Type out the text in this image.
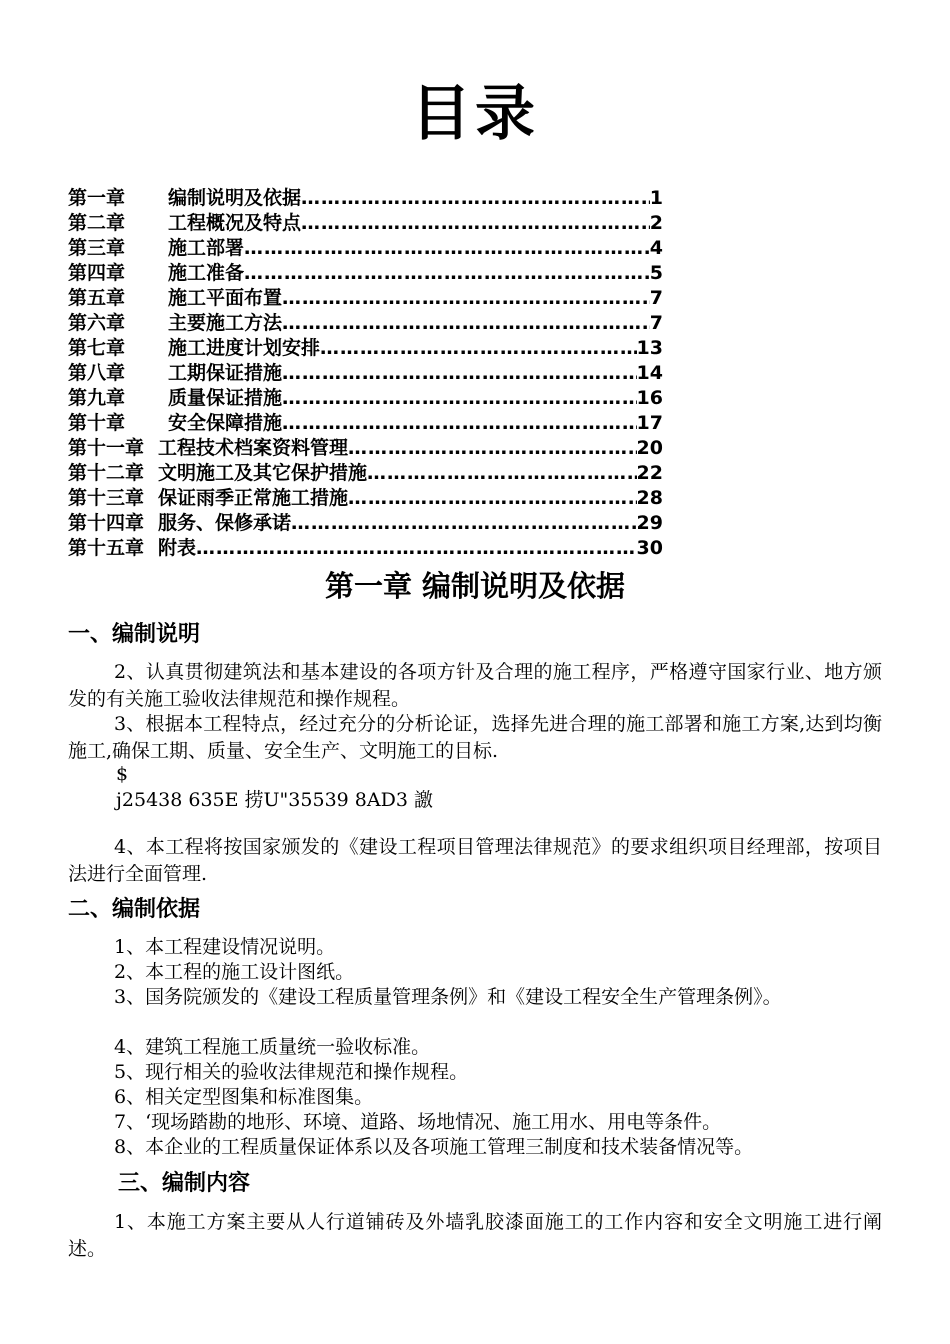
目录
第一章	编制说明及依据 ……………………………………………………………………………………………………………………………………………………………………………	1
第二章	工程概况及特点 ……………………………………………………………………………………………………………………………………………………………………………	2
第三章	施工部署 ……………………………………………………………………………………………………………………………………………………………………………	4
第四章	施工准备 ……………………………………………………………………………………………………………………………………………………………………………	5
第五章	施工平面布置 ……………………………………………………………………………………………………………………………………………………………………………	7
第六章	主要施工方法 ……………………………………………………………………………………………………………………………………………………………………………	7
第七章	施工进度计划安排 ……………………………………………………………………………………………………………………………………………………………………………	13
第八章	工期保证措施 ……………………………………………………………………………………………………………………………………………………………………………	14
第九章	质量保证措施 ……………………………………………………………………………………………………………………………………………………………………………	16
第十章	安全保障措施 ……………………………………………………………………………………………………………………………………………………………………………	17
第十一章 工程技术档案资料管理 ……………………………………………………………………………………………………………………………………………………………………………	20
第十二章 文明施工及其它保护措施 ……………………………………………………………………………………………………………………………………………………………………………	22
第十三章 保证雨季正常施工措施 ……………………………………………………………………………………………………………………………………………………………………………	28
第十四章 服务、保修承诺 ……………………………………………………………………………………………………………………………………………………………………………	29
第十五章 附表 ……………………………………………………………………………………………………………………………………………………………………………	30
第一章 编制说明及依据
一、编制说明
2、认真贯彻建筑法和基本建设的各项方针及合理的施工程序，严格遵守国家行业、地方颁发的有关施工验收法律规范和操作规程。
3、根据本工程特点，经过充分的分析论证，选择先进合理的施工部署和施工方案,达到均衡施工,确保工期、质量、安全生产、文明施工的目标.
$
j25438 635E 捞U"35539 8AD3 譤
4、本工程将按国家颁发的《建设工程项目管理法律规范》的要求组织项目经理部，按项目法进行全面管理.
二、编制依据
1、本工程建设情况说明。
2、本工程的施工设计图纸。
3、国务院颁发的《建设工程质量管理条例》和《建设工程安全生产管理条例》。
4、建筑工程施工质量统一验收标准。
5、现行相关的验收法律规范和操作规程。
6、相关定型图集和标准图集。
7、‘现场踏勘的地形、环境、道路、场地情况、施工用水、用电等条件。
8、本企业的工程质量保证体系以及各项施工管理三制度和技术装备情况等。
三、编制内容
1、本施工方案主要从人行道铺砖及外墙乳胶漆面施工的工作内容和安全文明施工进行阐述。
